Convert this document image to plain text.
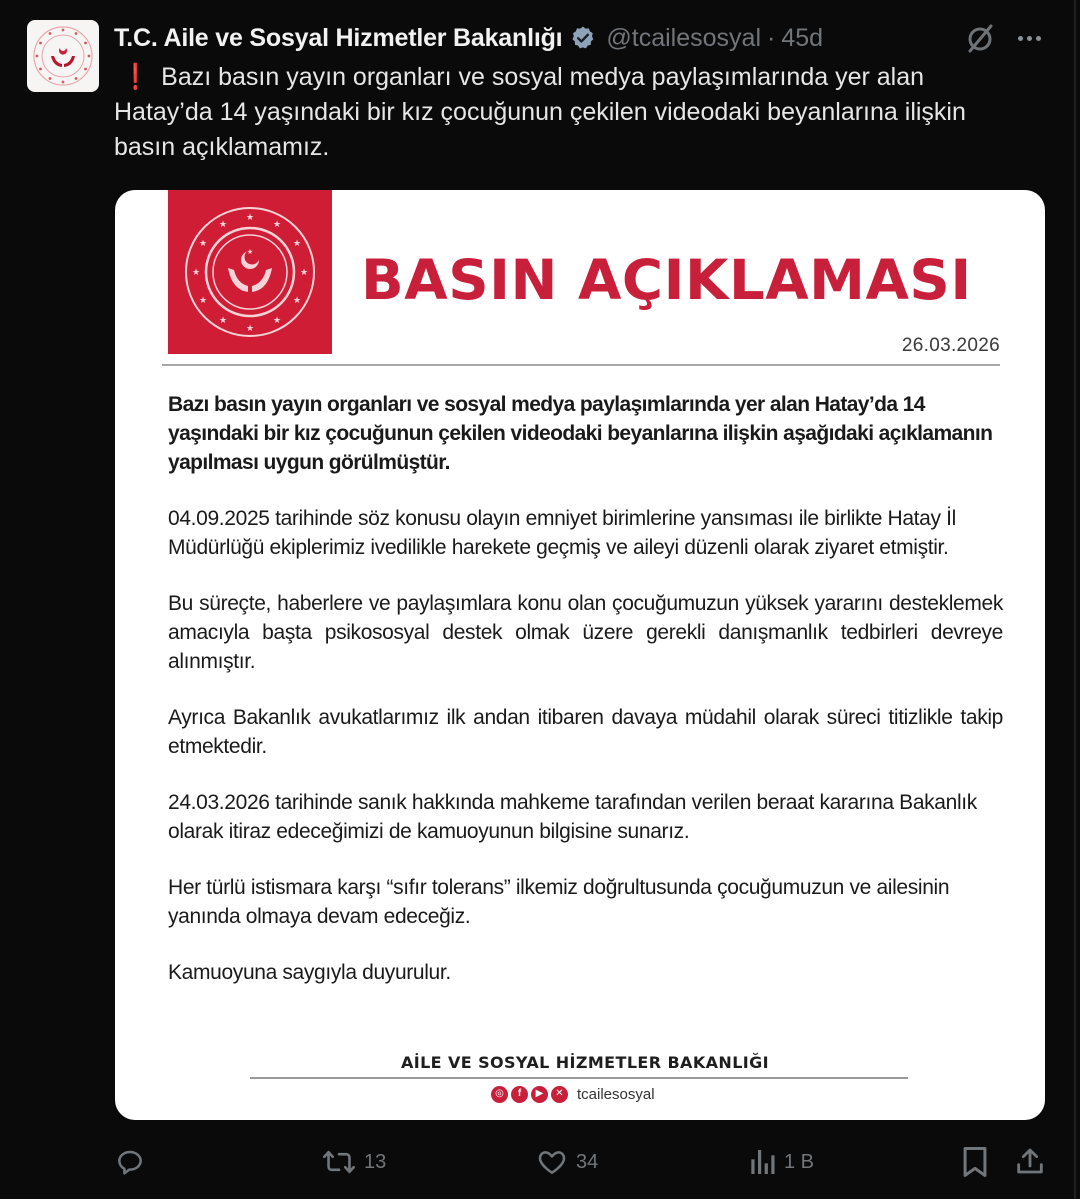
T.C. Aile ve Sosyal Hizmetler Bakanlığı @tcailesosyal · 45d
❗ Bazı basın yayın organları ve sosyal medya paylaşımlarında yer alan Hatay’da 14 yaşındaki bir kız çocuğunun çekilen videodaki beyanlarına ilişkin basın açıklamamız.
★
★
★
★
★
★
★
★
★
★
★
★
★ BASIN AÇIKLAMASI
26.03.2026

Bazı basın yayın organları ve sosyal medya paylaşımlarında yer alan Hatay’da 14 yaşındaki bir kız çocuğunun çekilen videodaki beyanlarına ilişkin aşağıdaki açıklamanın yapılması uygun görülmüştür.

04.09.2025 tarihinde söz konusu olayın emniyet birimlerine yansıması ile birlikte Hatay İl Müdürlüğü ekiplerimiz ivedilikle harekete geçmiş ve aileyi düzenli olarak ziyaret etmiştir.

Bu süreçte, haberlere ve paylaşımlara konu olan çocuğumuzun yüksek yararını desteklemek amacıyla başta psikososyal destek olmak üzere gerekli danışmanlık tedbirleri devreye alınmıştır.

Ayrıca Bakanlık avukatlarımız ilk andan itibaren davaya müdahil olarak süreci titizlikle takip etmektedir.

24.03.2026 tarihinde sanık hakkında mahkeme tarafından verilen beraat kararına Bakanlık olarak itiraz edeceğimizi de kamuoyunun bilgisine sunarız.

Her türlü istismara karşı “sıfır tolerans” ilkemiz doğrultusunda çocuğumuzun ve ailesinin yanında olmaya devam edeceğiz.

Kamuoyuna saygıyla duyurulur.

AİLE VE SOSYAL HİZMETLER BAKANLIĞI
◎	f	▶	✕ tcailesosyal
13	34	1 B
